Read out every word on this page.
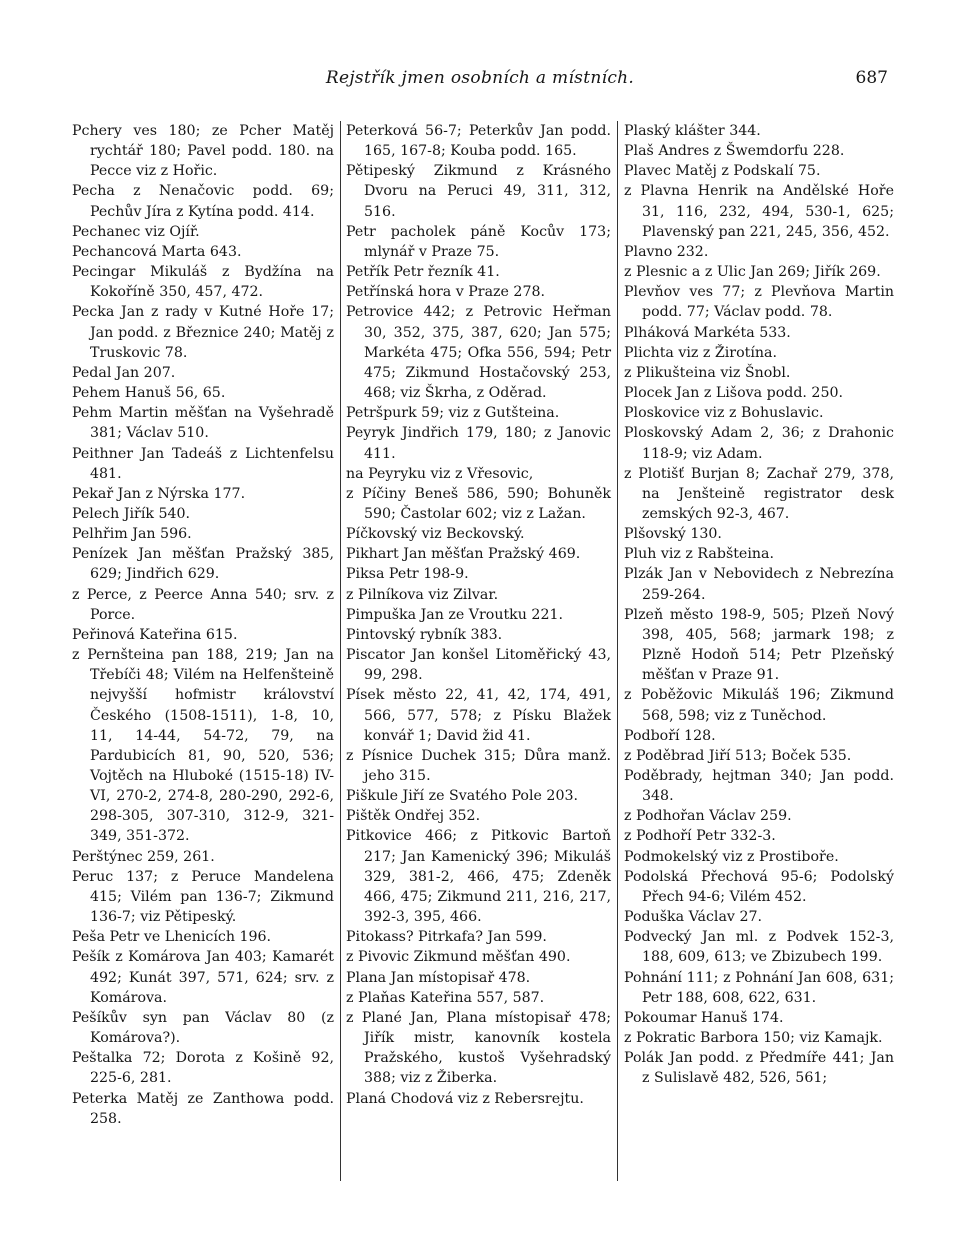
Rejstřík jmen osobních a místních.	687

Pchery ves 180; ze Pcher Matěj rychtář 180; Pavel podd. 180. na Pecce viz z Hořic.

Pecha z Nenačovic podd. 69; Pechův Jíra z Kytína podd. 414.

Pechanec viz Ojíř.

Pechancová Marta 643.

Pecingar Mikuláš z Bydžína na Kokoříně 350, 457, 472.

Pecka Jan z rady v Kutné Hoře 17; Jan podd. z Březnice 240; Matěj z Truskovic 78.

Pedal Jan 207.

Pehem Hanuš 56, 65.

Pehm Martin měšťan na Vyšehradě 381; Václav 510.

Peithner Jan Tadeáš z Lichtenfelsu 481.

Pekař Jan z Nýrska 177.

Pelech Jiřík 540.

Pelhřim Jan 596.

Penízek Jan měšťan Pražský 385, 629; Jindřich 629.

z Perce, z Peerce Anna 540; srv. z Porce.

Peřinová Kateřina 615.

z Pernšteina pan 188, 219; Jan na Třebíči 48; Vilém na Helfenšteině nejvyšší hofmistr království Českého (1508-1511), 1-8, 10, 11, 14-44, 54-72, 79, na Pardubicích 81, 90, 520, 536; Vojtěch na Hluboké (1515-18) IV-VI, 270-2, 274-8, 280-290, 292-6, 298-305, 307-310, 312-9, 321-349, 351-372.

Perštýnec 259, 261.

Peruc 137; z Peruce Mandelena 415; Vilém pan 136-7; Zikmund 136-7; viz Pětipeský.

Peša Petr ve Lhenicích 196.

Pešík z Komárova Jan 403; Kamarét 492; Kunát 397, 571, 624; srv. z Komárova.

Pešíkův syn pan Václav 80 (z Komárova?).

Peštalka 72; Dorota z Košině 92, 225-6, 281.

Peterka Matěj ze Zanthowa podd. 258.

Peterková 56-7; Peterkův Jan podd. 165, 167-8; Kouba podd. 165.

Pětipeský Zikmund z Krásného Dvoru na Peruci 49, 311, 312, 516.

Petr pacholek páně Kocův 173; mlynář v Praze 75.

Petřík Petr řezník 41.

Petřínská hora v Praze 278.

Petrovice 442; z Petrovic Heřman 30, 352, 375, 387, 620; Jan 575; Markéta 475; Ofka 556, 594; Petr 475; Zikmund Hostačovský 253, 468; viz Škrha, z Oděrad.

Petršpurk 59; viz z Gutšteina.

Peyryk Jindřich 179, 180; z Janovic 411.

na Peyryku viz z Vřesovic,

z Píčiny Beneš 586, 590; Bohuněk 590; Častolar 602; viz z Lažan.

Píčkovský viz Beckovský.

Pikhart Jan měšťan Pražský 469.

Piksa Petr 198-9.

z Pilníkova viz Zilvar.

Pimpuška Jan ze Vroutku 221.

Pintovský rybník 383.

Piscator Jan konšel Litoměřický 43, 99, 298.

Písek město 22, 41, 42, 174, 491, 566, 577, 578; z Písku Blažek konvář 1; David žid 41.

z Písnice Duchek 315; Důra manž. jeho 315.

Piškule Jiří ze Svatého Pole 203.

Pištěk Ondřej 352.

Pitkovice 466; z Pitkovic Bartoň 217; Jan Kamenický 396; Mikuláš 329, 381-2, 466, 475; Zdeněk 466, 475; Zikmund 211, 216, 217, 392-3, 395, 466.

Pitokass? Pitrkafa? Jan 599.

z Pivovic Zikmund měšťan 490.

Plana Jan místopisař 478.

z Plaňas Kateřina 557, 587.

z Plané Jan, Plana místopisař 478; Jiřík mistr, kanovník kostela Pražského, kustoš Vyšehradský 388; viz z Žiberka.

Planá Chodová viz z Rebersrejtu.

Plaský klášter 344.

Plaš Andres z Šwemdorfu 228.

Plavec Matěj z Podskalí 75.

z Plavna Henrik na Andělské Hoře 31, 116, 232, 494, 530-1, 625; Plavenský pan 221, 245, 356, 452.

Plavno 232.

z Plesnic a z Ulic Jan 269; Jiřík 269.

Plevňov ves 77; z Plevňova Martin podd. 77; Václav podd. 78.

Plháková Markéta 533.

Plichta viz z Žirotína.

z Plikušteina viz Šnobl.

Plocek Jan z Lišova podd. 250.

Ploskovice viz z Bohuslavic.

Ploskovský Adam 2, 36; z Drahonic 118-9; viz Adam.

z Plotišť Burjan 8; Zachař 279, 378, na Jenšteině registrator desk zemských 92-3, 467.

Plšovský 130.

Pluh viz z Rabšteina.

Plzák Jan v Nebovidech z Nebrezína 259-264.

Plzeň město 198-9, 505; Plzeň Nový 398, 405, 568; jarmark 198; z Plzně Hodoň 514; Petr Plzeňský měšťan v Praze 91.

z Poběžovic Mikuláš 196; Zikmund 568, 598; viz z Tuněchod.

Podboří 128.

z Poděbrad Jiří 513; Boček 535.

Poděbrady, hejtman 340; Jan podd. 348.

z Podhořan Václav 259.

z Podhoří Petr 332-3.

Podmokelský viz z Prostiboře.

Podolská Přechová 95-6; Podolský Přech 94-6; Vilém 452.

Poduška Václav 27.

Podvecký Jan ml. z Podvek 152-3, 188, 609, 613; ve Zbizubech 199.

Pohnání 111; z Pohnání Jan 608, 631; Petr 188, 608, 622, 631.

Pokoumar Hanuš 174.

z Pokratic Barbora 150; viz Kamajk.

Polák Jan podd. z Předmíře 441; Jan z Sulislavě 482, 526, 561;
